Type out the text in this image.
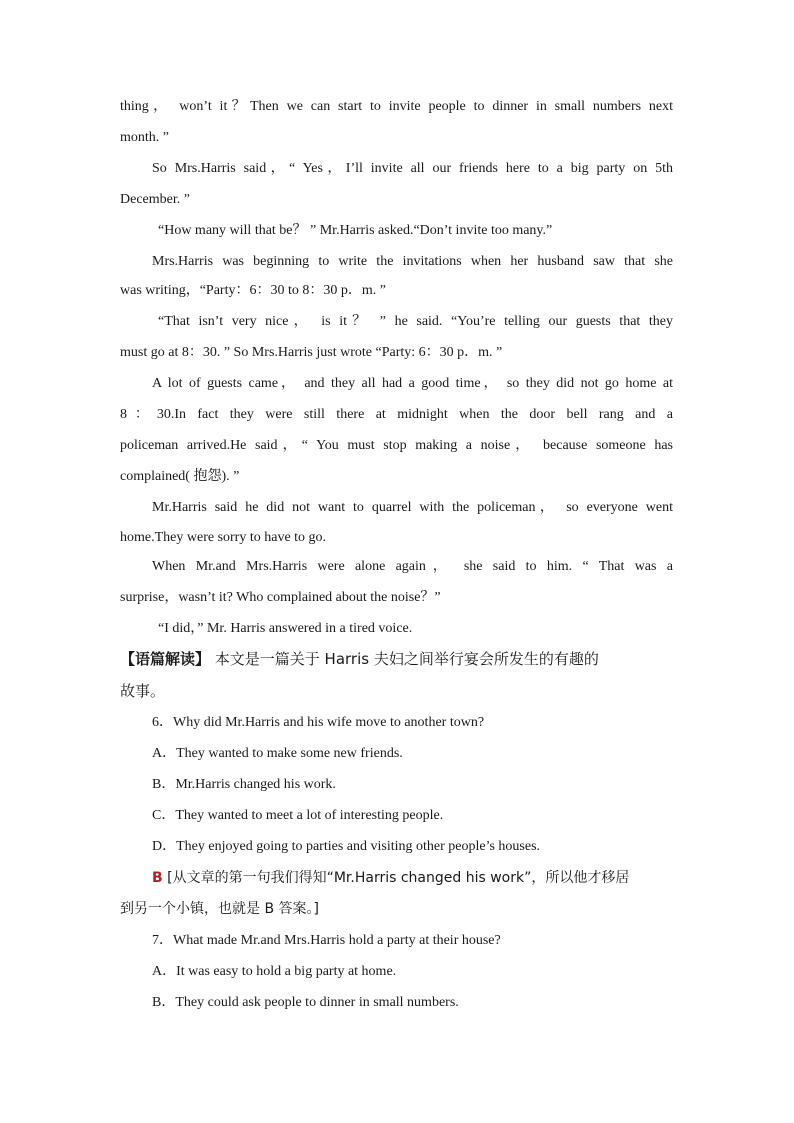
thing， won’t it？Then we can start to invite people to dinner in small numbers next
month. ”
So Mrs.Harris said，“ Yes，I’ll invite all our friends here to a big party on 5th
December. ”
“How many will that be？ ” Mr.Harris asked.“Don’t invite too many.”
Mrs.Harris was beginning to write the invitations when her husband saw that she
was writing，“Party：6：30 to 8：30 p．m. ”
“That isn’t very nice， is it？ ” he said. “You’re telling our guests that they
must go at 8：30. ” So Mrs.Harris just wrote “Party: 6：30 p．m. ”
A lot of guests came， and they all had a good time， so they did not go home at
8：30.In fact they were still there at midnight when the door bell rang and a
policeman arrived.He said，“ You must stop making a noise， because someone has
complained( 抱怨). ”
Mr.Harris said he did not want to quarrel with the policeman， so everyone went
home.They were sorry to have to go.
When Mr.and Mrs.Harris were alone again， she said to him. “ That was a
surprise，wasn’t it? Who complained about the noise？”
“I did，” Mr. Harris answered in a tired voice.
【语篇解读】 本文是一篇关于 Harris 夫妇之间举行宴会所发生的有趣的
故事。
6．Why did Mr.Harris and his wife move to another town?
A．They wanted to make some new friends.
B．Mr.Harris changed his work.
C．They wanted to meet a lot of interesting people.
D．They enjoyed going to parties and visiting other people’s houses.
B [从文章的第一句我们得知“Mr.Harris changed his work”，所以他才移居
到另一个小镇，也就是 B 答案。]
7．What made Mr.and Mrs.Harris hold a party at their house?
A．It was easy to hold a big party at home.
B．They could ask people to dinner in small numbers.
